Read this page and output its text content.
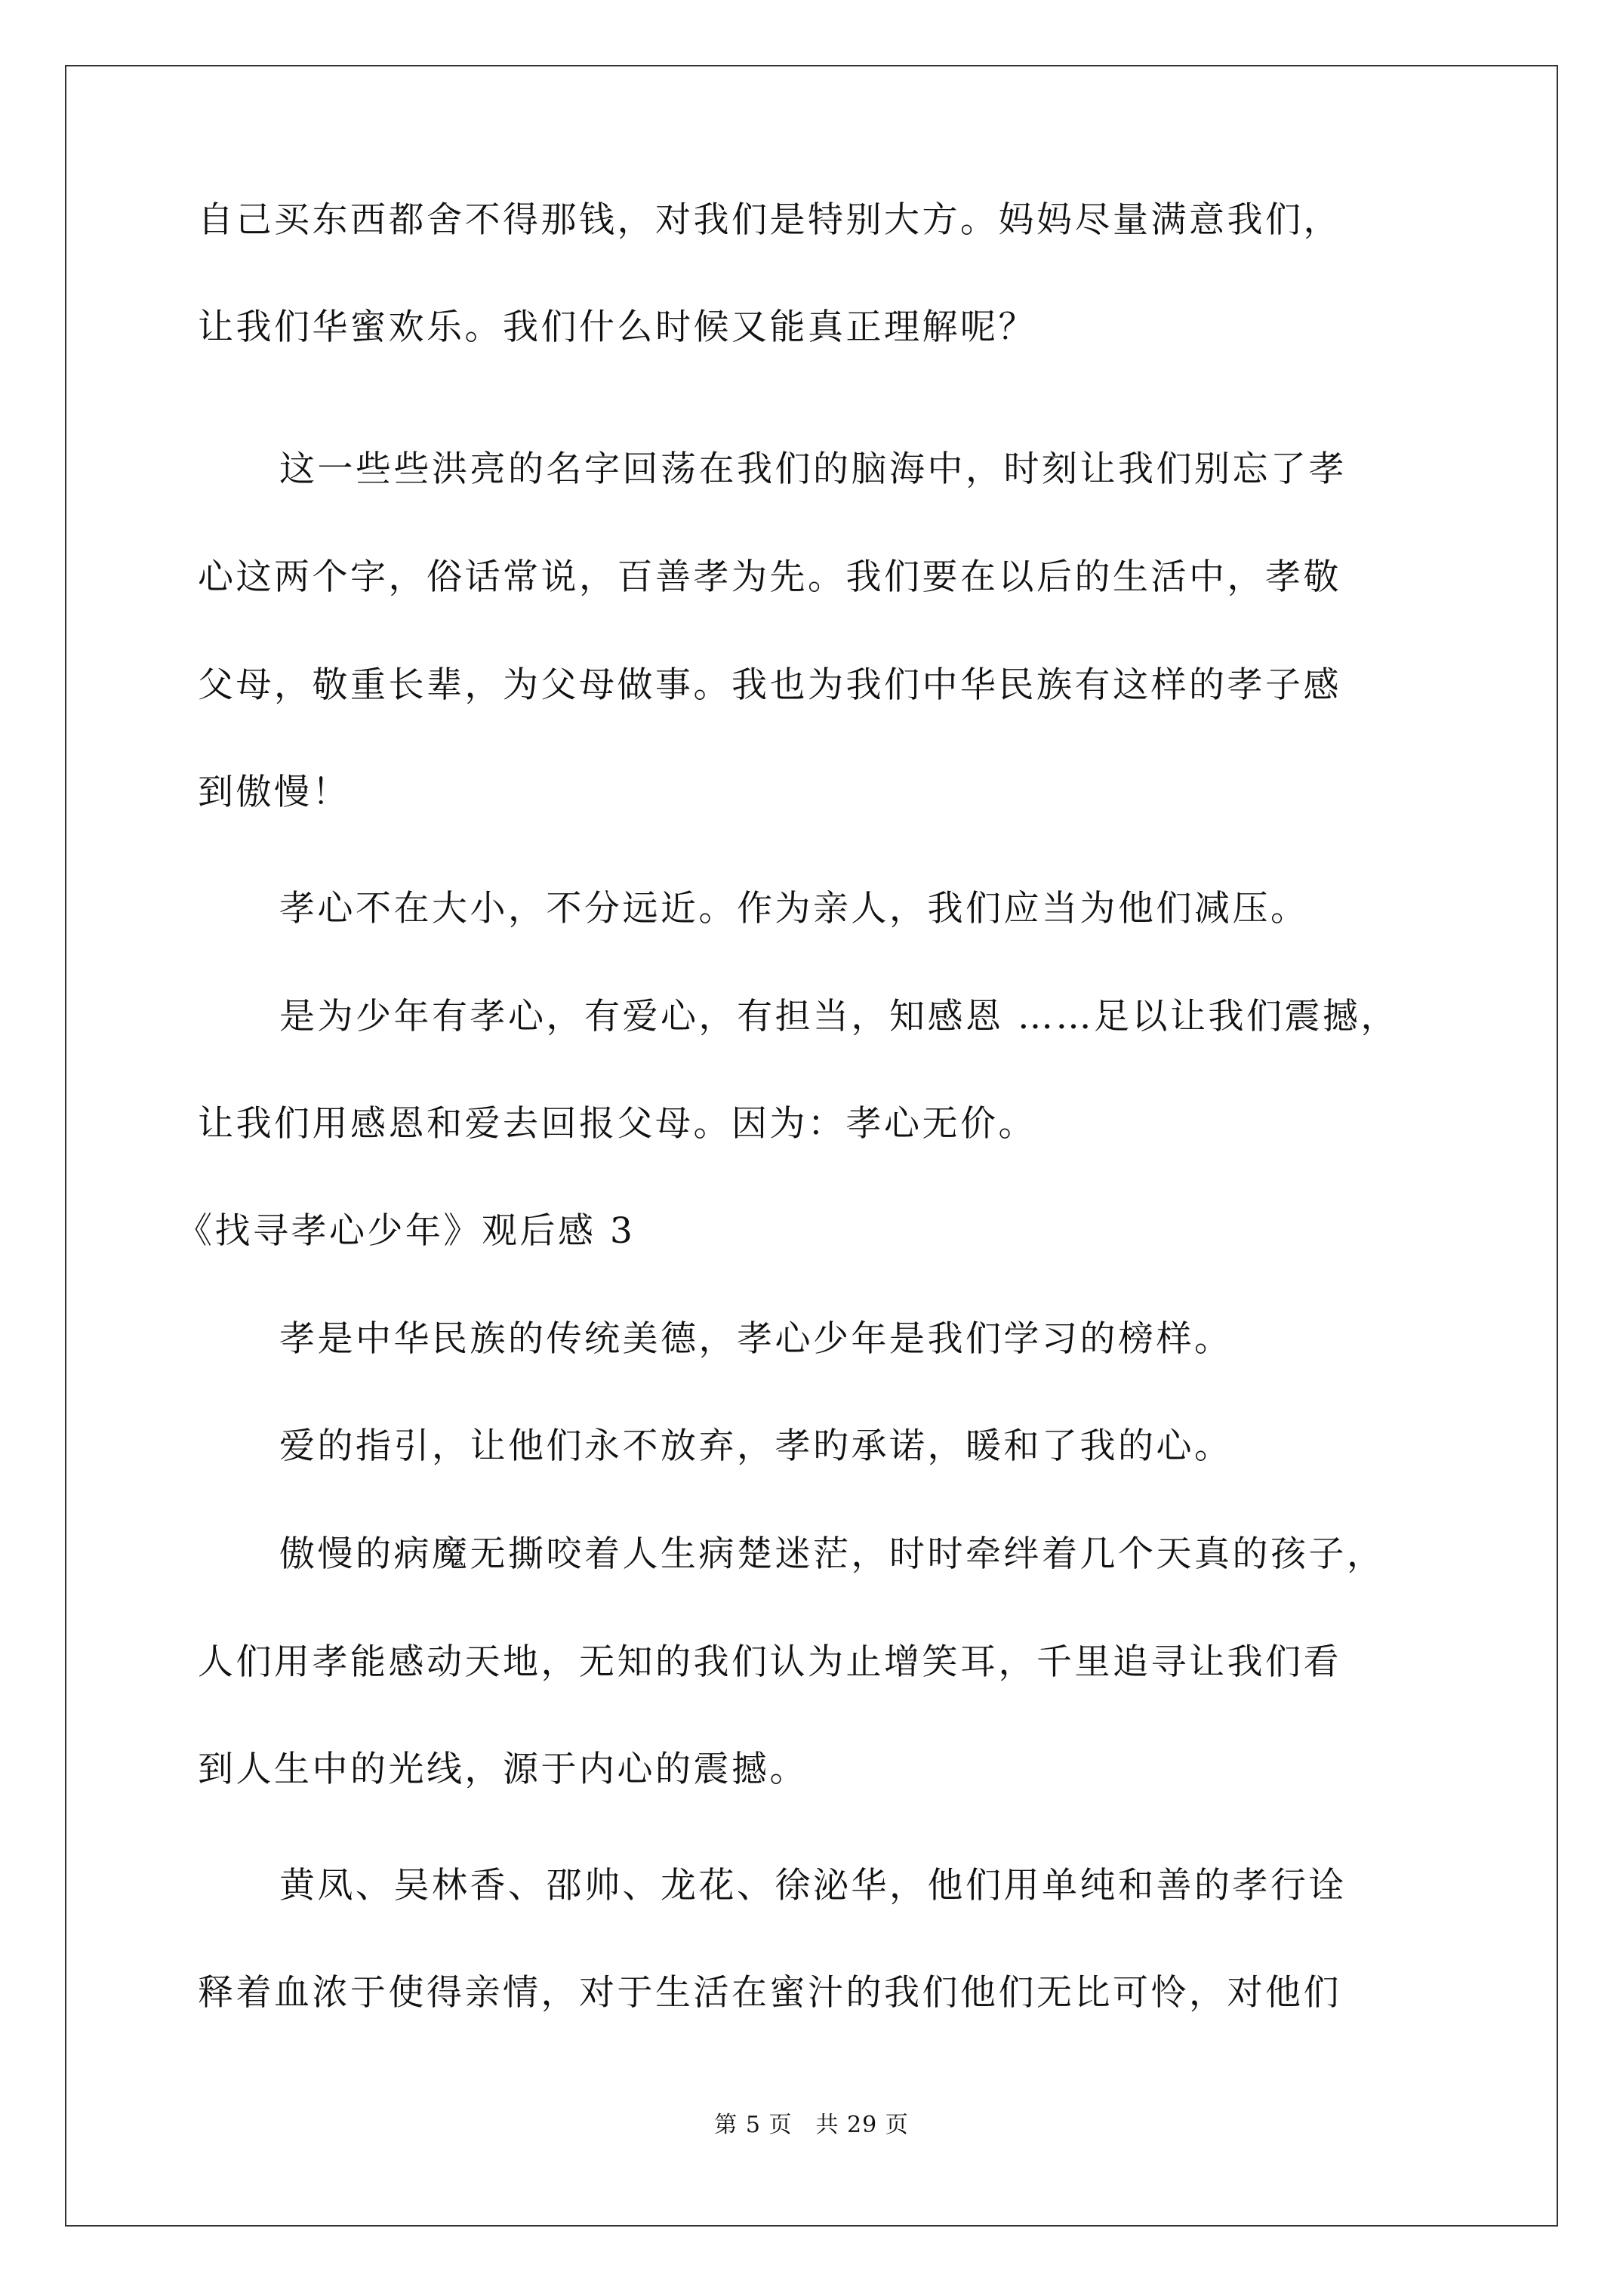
自己买东西都舍不得那钱，对我们是特别大方。妈妈尽量满意我们，
让我们华蜜欢乐。我们什么时候又能真正理解呢？
这一些些洪亮的名字回荡在我们的脑海中，时刻让我们别忘了孝
心这两个字，俗话常说，百善孝为先。我们要在以后的生活中，孝敬
父母，敬重长辈，为父母做事。我也为我们中华民族有这样的孝子感
到傲慢！
孝心不在大小，不分远近。作为亲人，我们应当为他们减压。
是为少年有孝心，有爱心，有担当，知感恩 ……足以让我们震撼，
让我们用感恩和爱去回报父母。因为：孝心无价。
《找寻孝心少年》观后感 3
孝是中华民族的传统美德，孝心少年是我们学习的榜样。
爱的指引，让他们永不放弃，孝旳承诺，暖和了我的心。
傲慢的病魔无撕咬着人生病楚迷茫，时时牵绊着几个天真的孩子，
人们用孝能感动天地，无知的我们认为止增笑耳，千里追寻让我们看
到人生中的光线，源于内心的震撼。
黄凤、吴林香、邵帅、龙花、徐泌华，他们用单纯和善的孝行诠
释着血浓于使得亲情，对于生活在蜜汁的我们他们无比可怜，对他们
第 5 页　共 29 页
